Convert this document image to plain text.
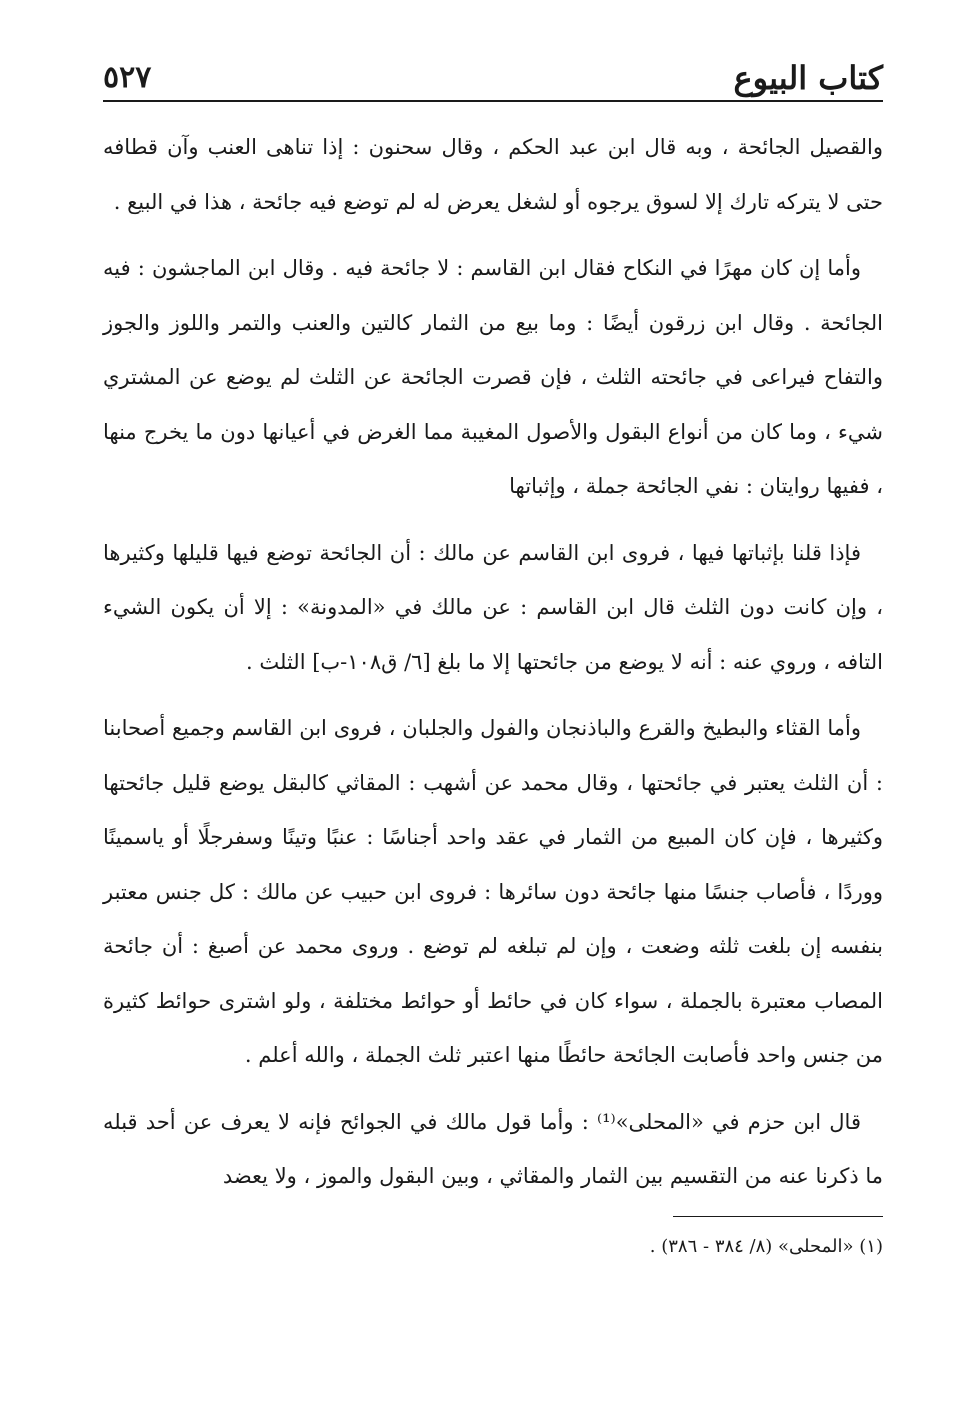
كتاب البيوع
٥٢٧

والقصيل الجائحة ، وبه قال ابن عبد الحكم ، وقال سحنون : إذا تناهى العنب وآن قطافه حتى لا يتركه تارك إلا لسوق يرجوه أو لشغل يعرض له لم توضع فيه جائحة ، هذا في البيع .

وأما إن كان مهرًا في النكاح فقال ابن القاسم : لا جائحة فيه . وقال ابن الماجشون : فيه الجائحة . وقال ابن زرقون أيضًا : وما بيع من الثمار كالتين والعنب والتمر واللوز والجوز والتفاح فيراعى في جائحته الثلث ، فإن قصرت الجائحة عن الثلث لم يوضع عن المشتري شيء ، وما كان من أنواع البقول والأصول المغيبة مما الغرض في أعيانها دون ما يخرج منها ، ففيها روايتان : نفي الجائحة جملة ، وإثباتها

فإذا قلنا بإثباتها فيها ، فروى ابن القاسم عن مالك : أن الجائحة توضع فيها قليلها وكثيرها ، وإن كانت دون الثلث قال ابن القاسم : عن مالك في «المدونة» : إلا أن يكون الشيء التافه ، وروي عنه : أنه لا يوضع من جائحتها إلا ما بلغ [٦/ ق١٠٨-ب] الثلث .

وأما القثاء والبطيخ والقرع والباذنجان والفول والجلبان ، فروى ابن القاسم وجميع أصحابنا : أن الثلث يعتبر في جائحتها ، وقال محمد عن أشهب : المقاثي كالبقل يوضع قليل جائحتها وكثيرها ، فإن كان المبيع من الثمار في عقد واحد أجناسًا : عنبًا وتينًا وسفرجلًا أو ياسمينًا ووردًا ، فأصاب جنسًا منها جائحة دون سائرها : فروى ابن حبيب عن مالك : كل جنس معتبر بنفسه إن بلغت ثلثه وضعت ، وإن لم تبلغه لم توضع . وروى محمد عن أصبغ : أن جائحة المصاب معتبرة بالجملة ، سواء كان في حائط أو حوائط مختلفة ، ولو اشترى حوائط كثيرة من جنس واحد فأصابت الجائحة حائطًا منها اعتبر ثلث الجملة ، والله أعلم .

قال ابن حزم في «المحلى»⁽¹⁾ : وأما قول مالك في الجوائح فإنه لا يعرف عن أحد قبله ما ذكرنا عنه من التقسيم بين الثمار والمقاثي ، وبين البقول والموز ، ولا يعضد

(١) «المحلى» (٨/ ٣٨٤ - ٣٨٦) .
